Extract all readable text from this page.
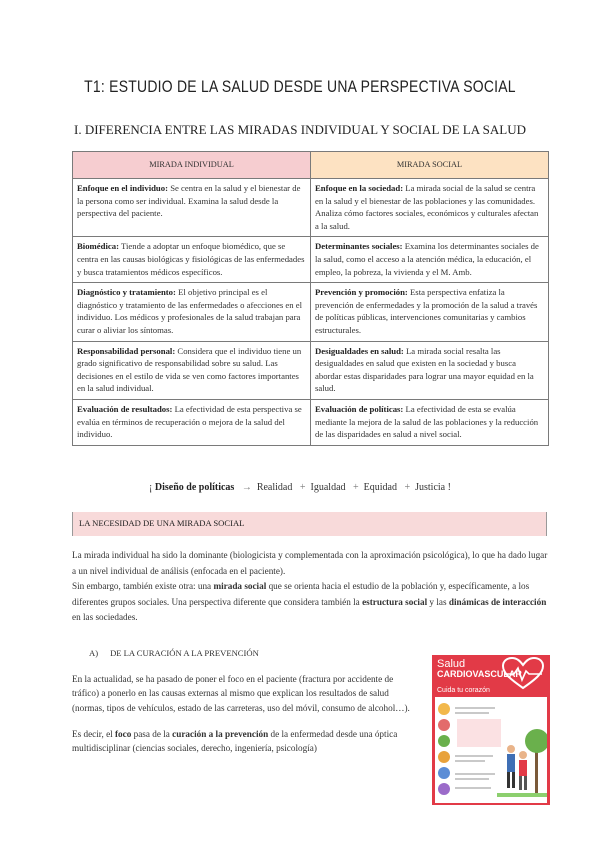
T1: ESTUDIO DE LA SALUD DESDE UNA PERSPECTIVA SOCIAL
I. DIFERENCIA ENTRE LAS MIRADAS INDIVIDUAL Y SOCIAL DE LA SALUD
MIRADA INDIVIDUAL	MIRADA SOCIAL
Enfoque en el individuo: Se centra en la salud y el bienestar de la persona como ser individual. Examina la salud desde la perspectiva del paciente.	Enfoque en la sociedad: La mirada social de la salud se centra en la salud y el bienestar de las poblaciones y las comunidades. Analiza cómo factores sociales, económicos y culturales afectan a la salud.
Biomédica: Tiende a adoptar un enfoque biomédico, que se centra en las causas biológicas y fisiológicas de las enfermedades y busca tratamientos médicos específicos.	Determinantes sociales: Examina los determinantes sociales de la salud, como el acceso a la atención médica, la educación, el empleo, la pobreza, la vivienda y el M. Amb.
Diagnóstico y tratamiento: El objetivo principal es el diagnóstico y tratamiento de las enfermedades o afecciones en el individuo. Los médicos y profesionales de la salud trabajan para curar o aliviar los síntomas.	Prevención y promoción: Esta perspectiva enfatiza la prevención de enfermedades y la promoción de la salud a través de políticas públicas, intervenciones comunitarias y cambios estructurales.
Responsabilidad personal: Considera que el individuo tiene un grado significativo de responsabilidad sobre su salud. Las decisiones en el estilo de vida se ven como factores importantes en la salud individual.	Desigualdades en salud: La mirada social resalta las desigualdades en salud que existen en la sociedad y busca abordar estas disparidades para lograr una mayor equidad en la salud.
Evaluación de resultados: La efectividad de esta perspectiva se evalúa en términos de recuperación o mejora de la salud del individuo.	Evaluación de políticas: La efectividad de esta se evalúa mediante la mejora de la salud de las poblaciones y la reducción de las disparidades en salud a nivel social.
¡ Diseño de políticas → Realidad + Igualdad + Equidad + Justicia !
LA NECESIDAD DE UNA MIRADA SOCIAL

La mirada individual ha sido la dominante (biologicista y complementada con la aproximación psicológica), lo que ha dado lugar a un nivel individual de análisis (enfocada en el paciente).

Sin embargo, también existe otra: una mirada social que se orienta hacia el estudio de la población y, específicamente, a los diferentes grupos sociales. Una perspectiva diferente que considera también la estructura social y las dinámicas de interacción en las sociedades.

A) DE LA CURACIÓN A LA PREVENCIÓN

En la actualidad, se ha pasado de poner el foco en el paciente (fractura por accidente de tráfico) a ponerlo en las causas externas al mismo que explican los resultados de salud (normas, tipos de vehículos, estado de las carreteras, uso del móvil, consumo de alcohol…).

Es decir, el foco pasa de la curación a la prevención de la enfermedad desde una óptica multidisciplinar (ciencias sociales, derecho, ingeniería, psicología)

Salud
CARDIOVASCULAR
Cuida tu corazón
